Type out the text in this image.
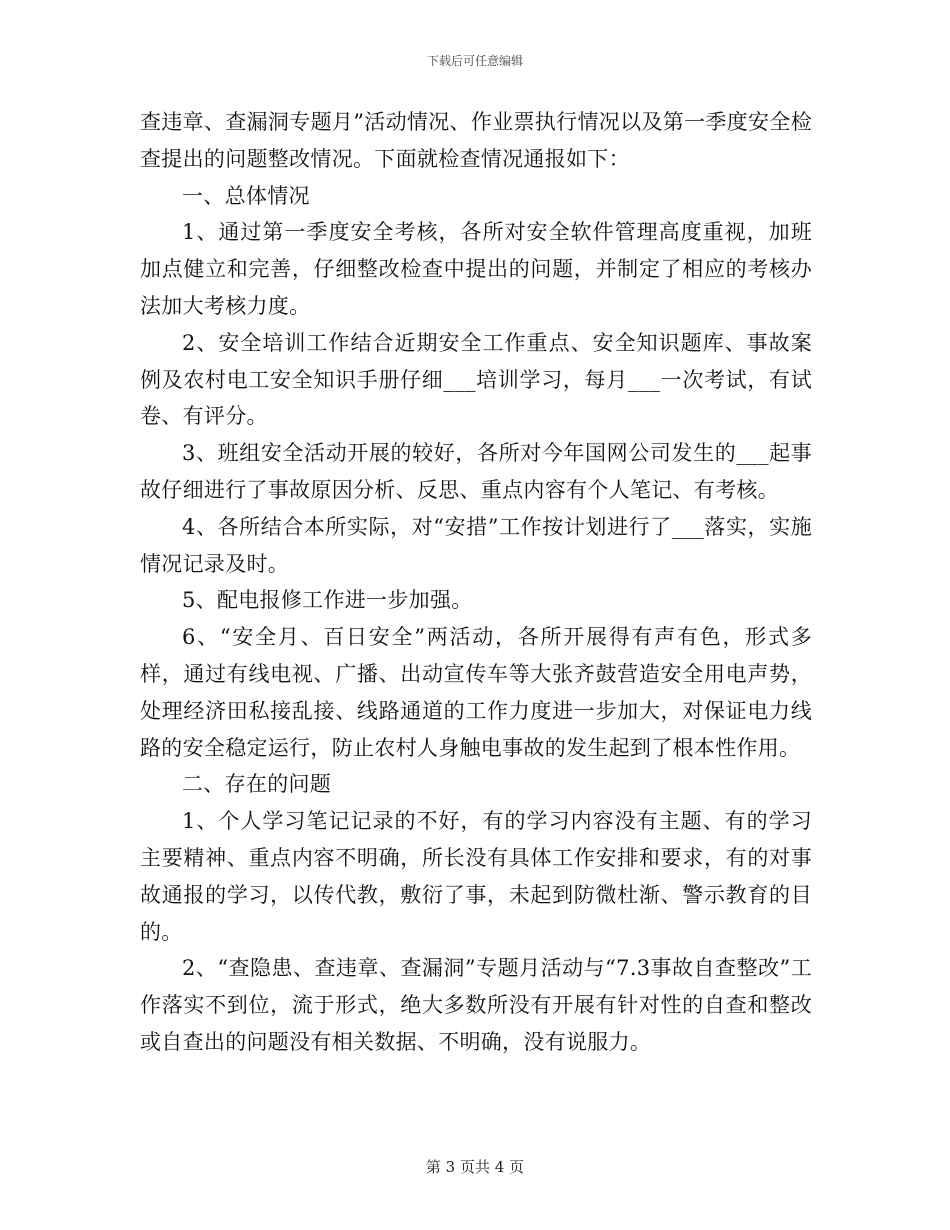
下载后可任意编辑

查违章、查漏洞专题月”活动情况、作业票执行情况以及第一季度安全检查提出的问题整改情况。下面就检查情况通报如下：

一、总体情况

1、通过第一季度安全考核，各所对安全软件管理高度重视，加班加点健立和完善，仔细整改检查中提出的问题，并制定了相应的考核办法加大考核力度。

2、安全培训工作结合近期安全工作重点、安全知识题库、事故案例及农村电工安全知识手册仔细___培训学习，每月___一次考试，有试卷、有评分。

3、班组安全活动开展的较好，各所对今年国网公司发生的___起事故仔细进行了事故原因分析、反思、重点内容有个人笔记、有考核。

4、各所结合本所实际，对“安措”工作按计划进行了___落实，实施情况记录及时。

5、配电报修工作进一步加强。

6、“安全月、百日安全”两活动，各所开展得有声有色，形式多样，通过有线电视、广播、出动宣传车等大张齐鼓营造安全用电声势，处理经济田私接乱接、线路通道的工作力度进一步加大，对保证电力线路的安全稳定运行，防止农村人身触电事故的发生起到了根本性作用。

二、存在的问题

1、个人学习笔记记录的不好，有的学习内容没有主题、有的学习主要精神、重点内容不明确，所长没有具体工作安排和要求，有的对事故通报的学习，以传代教，敷衍了事，未起到防微杜渐、警示教育的目的。

2、“查隐患、查违章、查漏洞”专题月活动与“7.3事故自查整改”工作落实不到位，流于形式，绝大多数所没有开展有针对性的自查和整改或自查出的问题没有相关数据、不明确，没有说服力。

第 3 页共 4 页
